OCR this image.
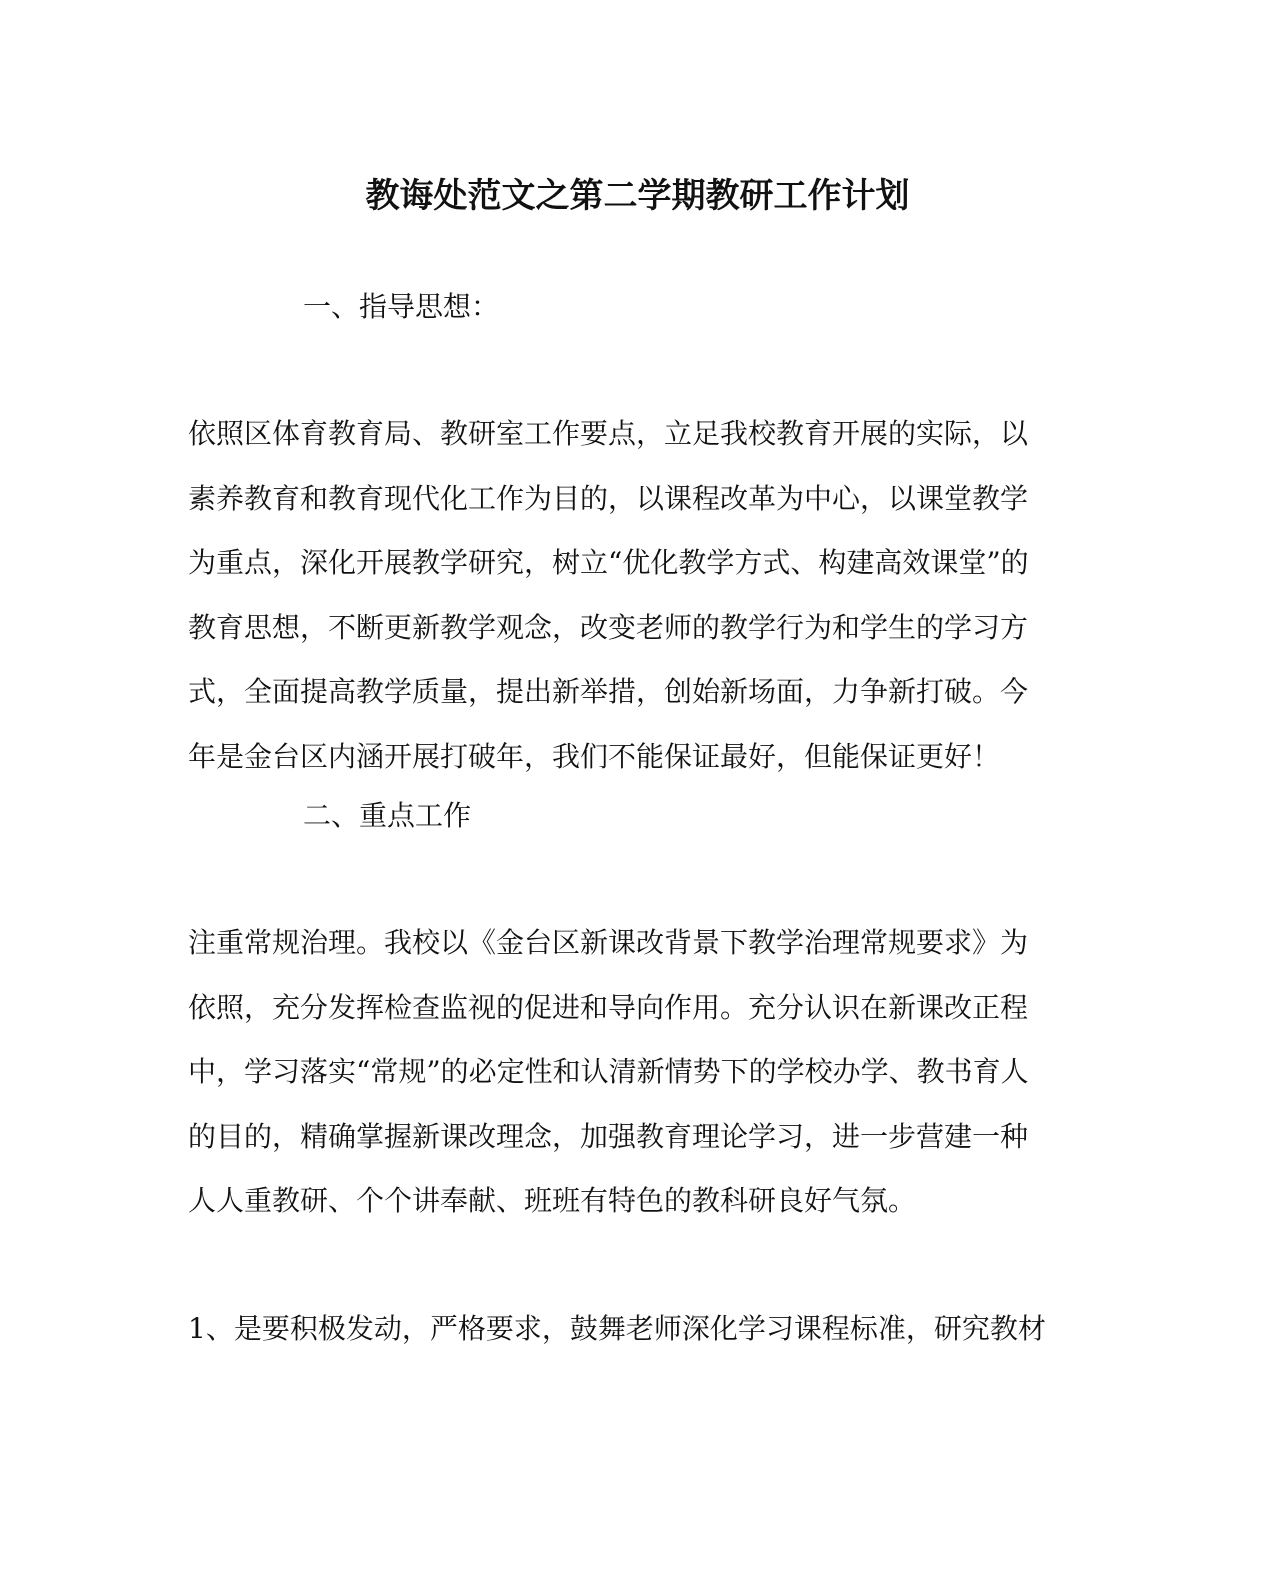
教诲处范文之第二学期教研工作计划

一、指导思想：

依照区体育教育局、教研室工作要点，立足我校教育开展的实际，以
素养教育和教育现代化工作为目的，以课程改革为中心，以课堂教学
为重点，深化开展教学研究，树立“优化教学方式、构建高效课堂”的
教育思想，不断更新教学观念，改变老师的教学行为和学生的学习方
式，全面提高教学质量，提出新举措，创始新场面，力争新打破。今
年是金台区内涵开展打破年，我们不能保证最好，但能保证更好！

二、重点工作

注重常规治理。我校以《金台区新课改背景下教学治理常规要求》为
依照，充分发挥检查监视的促进和导向作用。充分认识在新课改正程
中，学习落实“常规”的必定性和认清新情势下的学校办学、教书育人
的目的，精确掌握新课改理念，加强教育理论学习，进一步营建一种
人人重教研、个个讲奉献、班班有特色的教科研良好气氛。
1、是要积极发动，严格要求，鼓舞老师深化学习课程标准，研究教材
